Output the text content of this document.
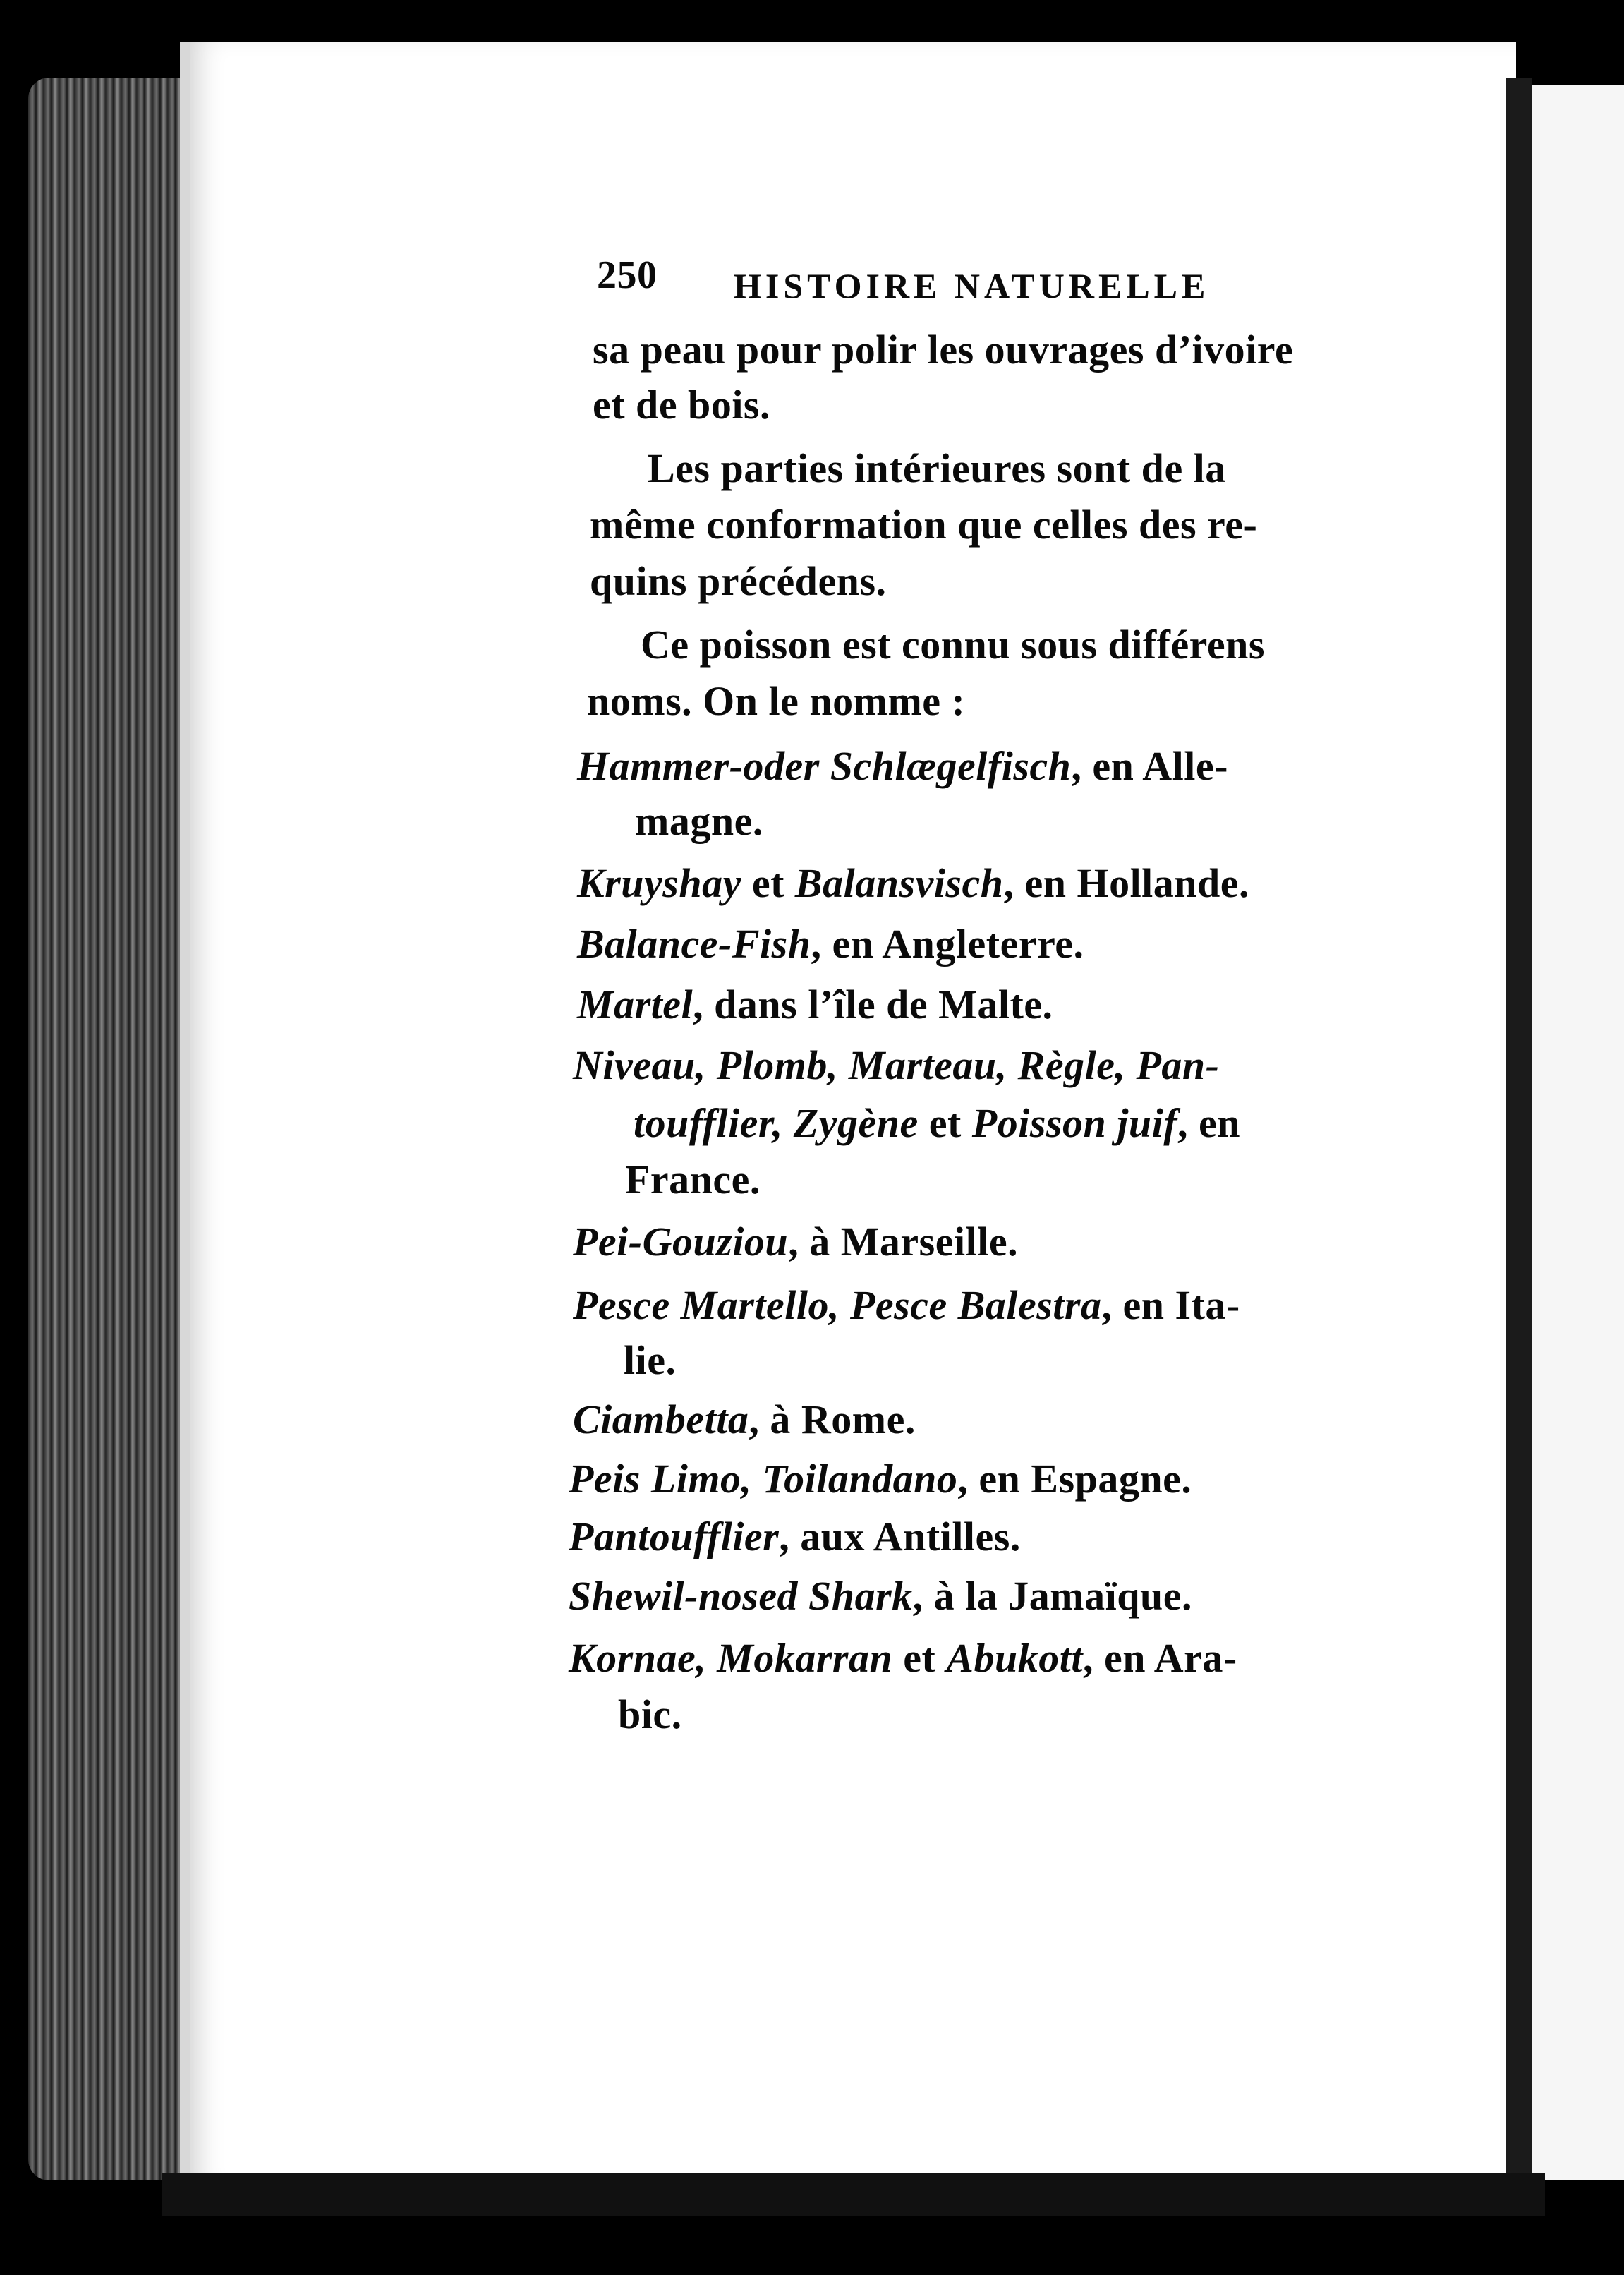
250 HISTOIRE NATURELLE
sa peau pour polir les ouvrages d’ivoire
et de bois.
Les parties intérieures sont de la
même conformation que celles des re-
quins précédens.
Ce poisson est connu sous différens
noms. On le nomme :
Hammer-oder Schlægelfisch, en Alle-
magne.
Kruyshay et Balansvisch, en Hollande.
Balance-Fish, en Angleterre.
Martel, dans l’île de Malte.
Niveau, Plomb, Marteau, Règle, Pan-
toufflier, Zygène et Poisson juif, en
France.
Pei-Gouziou, à Marseille.
Pesce Martello, Pesce Balestra, en Ita-
lie.
Ciambetta, à Rome.
Peis Limo, Toilandano, en Espagne.
Pantoufflier, aux Antilles.
Shewil-nosed Shark, à la Jamaïque.
Kornae, Mokarran et Abukott, en Ara-
bic.
